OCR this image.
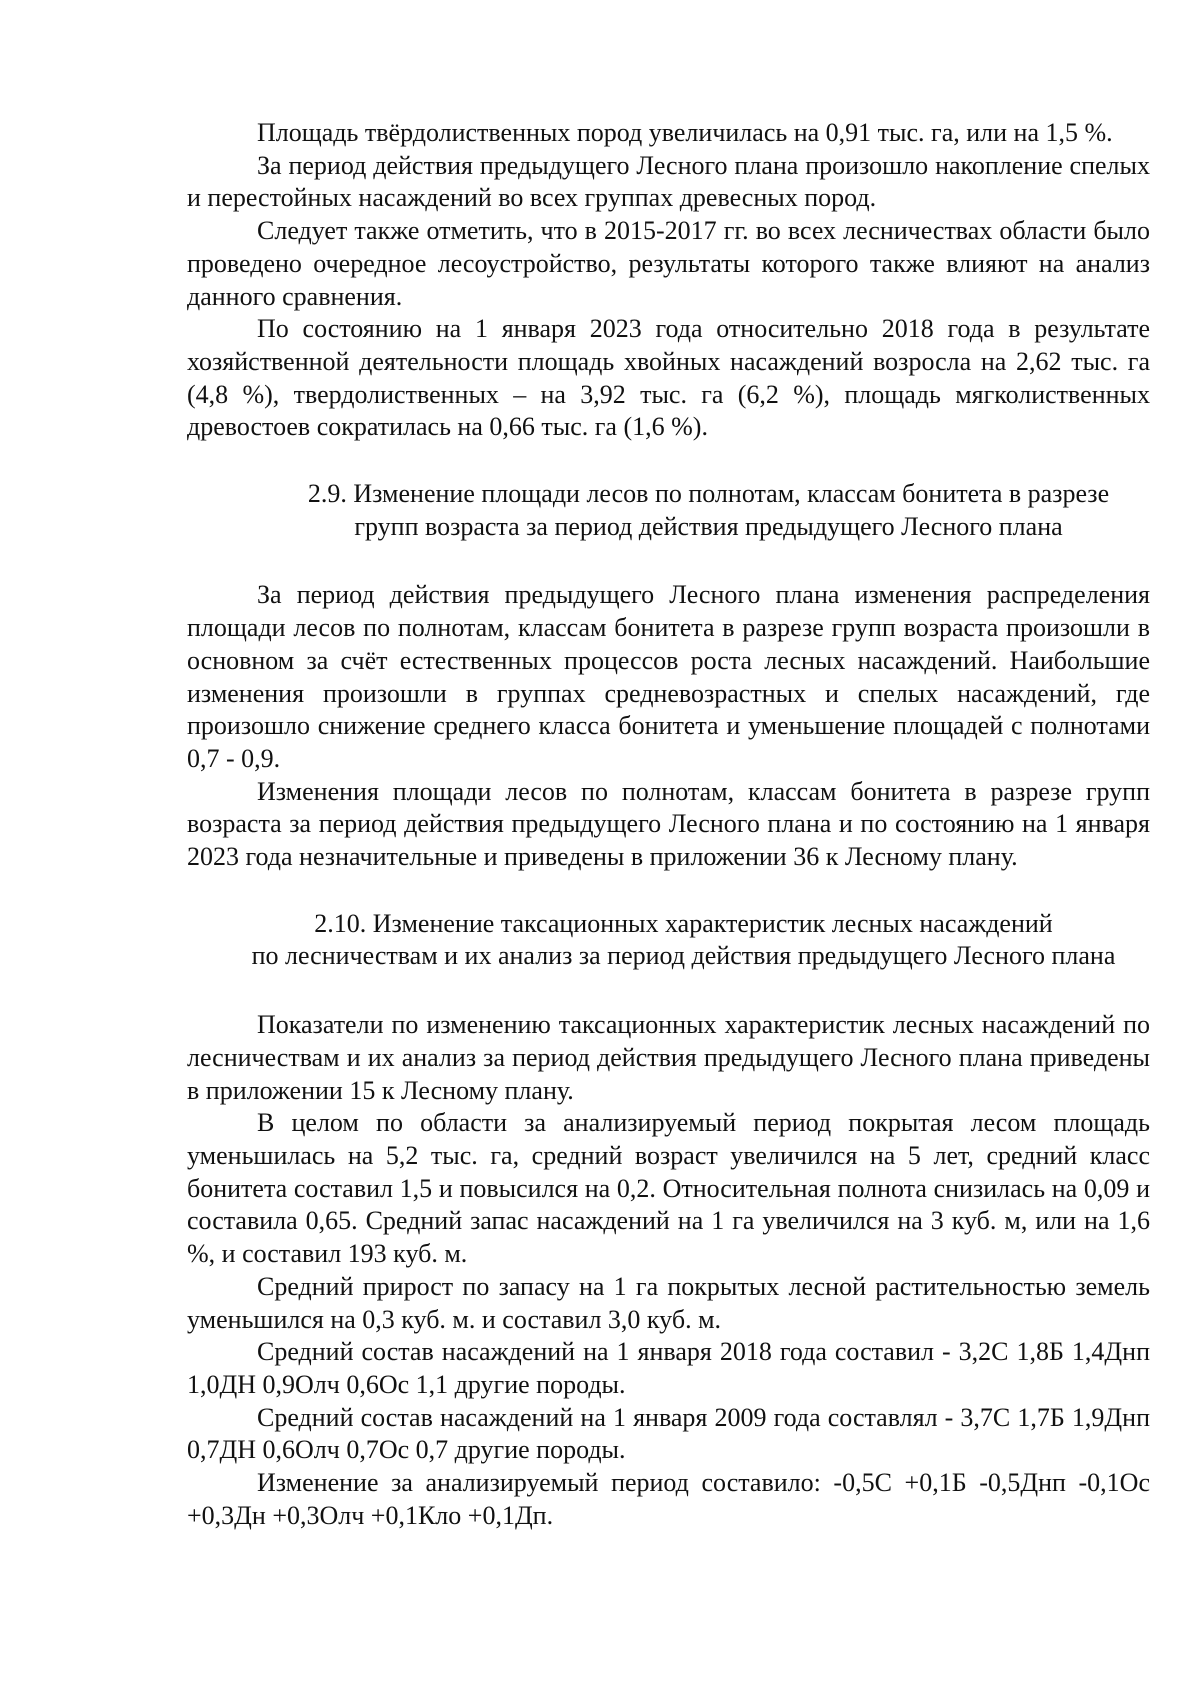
Площадь твёрдолиственных пород увеличилась на 0,91 тыс. га, или на 1,5 %.

За период действия предыдущего Лесного плана произошло накопление спелых и перестойных насаждений во всех группах древесных пород.

Следует также отметить, что в 2015-2017 гг. во всех лесничествах области было проведено очередное лесоустройство, результаты которого также влияют на анализ данного сравнения.

По состоянию на 1 января 2023 года относительно 2018 года в результате хозяйственной деятельности площадь хвойных насаждений возросла на 2,62 тыс. га (4,8 %), твердолиственных – на 3,92 тыс. га (6,2 %), площадь мягколиственных древостоев сократилась на 0,66 тыс. га (1,6 %).

2.9. Изменение площади лесов по полнотам, классам бонитета в разрезе
групп возраста за период действия предыдущего Лесного плана

За период действия предыдущего Лесного плана изменения распределения площади лесов по полнотам, классам бонитета в разрезе групп возраста произошли в основном за счёт естественных процессов роста лесных насаждений. Наибольшие изменения произошли в группах средневозрастных и спелых насаждений, где произошло снижение среднего класса бонитета и уменьшение площадей с полнотами 0,7 - 0,9.

Изменения площади лесов по полнотам, классам бонитета в разрезе групп возраста за период действия предыдущего Лесного плана и по состоянию на 1 января 2023 года незначительные и приведены в приложении 36 к Лесному плану.

2.10. Изменение таксационных характеристик лесных насаждений
по лесничествам и их анализ за период действия предыдущего Лесного плана

Показатели по изменению таксационных характеристик лесных насаждений по лесничествам и их анализ за период действия предыдущего Лесного плана приведены в приложении 15 к Лесному плану.

В целом по области за анализируемый период покрытая лесом площадь уменьшилась на 5,2 тыс. га, средний возраст увеличился на 5 лет, средний класс бонитета составил 1,5 и повысился на 0,2. Относительная полнота снизилась на 0,09 и составила 0,65. Средний запас насаждений на 1 га увеличился на 3 куб. м, или на 1,6 %, и составил 193 куб. м.

Средний прирост по запасу на 1 га покрытых лесной растительностью земель уменьшился на 0,3 куб. м. и составил 3,0 куб. м.

Средний состав насаждений на 1 января 2018 года составил - 3,2С 1,8Б 1,4Днп 1,0ДН 0,9Олч 0,6Ос 1,1 другие породы.

Средний состав насаждений на 1 января 2009 года составлял - 3,7С 1,7Б 1,9Днп 0,7ДН 0,6Олч 0,7Ос 0,7 другие породы.

Изменение за анализируемый период составило: -0,5С +0,1Б -0,5Днп -0,1Ос +0,3Дн +0,3Олч +0,1Кло +0,1Дп.
